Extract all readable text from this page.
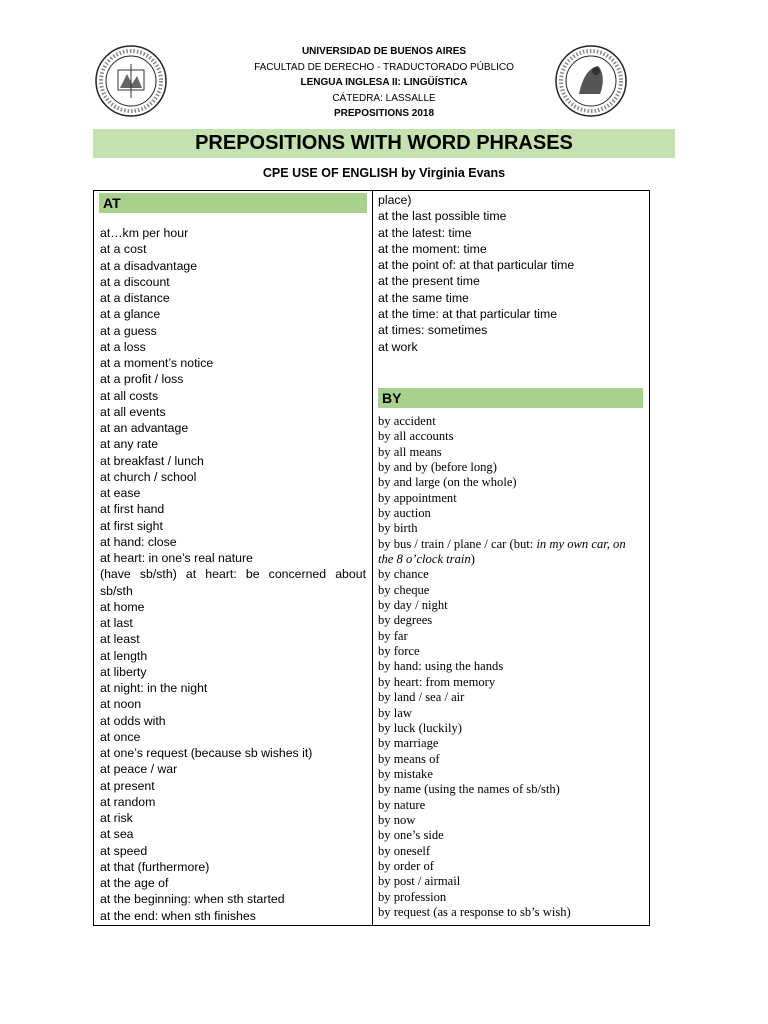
UNIVERSIDAD DE BUENOS AIRES
FACULTAD DE DERECHO - TRADUCTORADO PÚBLICO
LENGUA INGLESA II: LINGÜÍSTICA
CÁTEDRA: LASSALLE
PREPOSITIONS 2018
PREPOSITIONS WITH WORD PHRASES
CPE USE OF ENGLISH by Virginia Evans
AT
at…km per hour
at a cost
at a disadvantage
at a discount
at a distance
at a glance
at a guess
at a loss
at a moment’s notice
at a profit / loss
at all costs
at all events
at an advantage
at any rate
at breakfast / lunch
at church / school
at ease
at first hand
at first sight
at hand: close
at heart: in one’s real nature
(have sb/sth) at heart: be concerned about
sb/sth
at home
at last
at least
at length
at liberty
at night: in the night
at noon
at odds with
at once
at one’s request (because sb wishes it)
at peace / war
at present
at random
at risk
at sea
at speed
at that (furthermore)
at the age of
at the beginning: when sth started
at the end: when sth finishes
place)
at the last possible time
at the latest: time
at the moment: time
at the point of: at that particular time
at the present time
at the same time
at the time: at that particular time
at times: sometimes
at work
BY
by accident
by all accounts
by all means
by and by (before long)
by and large (on the whole)
by appointment
by auction
by birth
by bus / train / plane / car (but: in my own car, on the 8 o’clock train)
by chance
by cheque
by day / night
by degrees
by far
by force
by hand: using the hands
by heart: from memory
by land / sea / air
by law
by luck (luckily)
by marriage
by means of
by mistake
by name (using the names of sb/sth)
by nature
by now
by one’s side
by oneself
by order of
by post / airmail
by profession
by request (as a response to sb’s wish)
